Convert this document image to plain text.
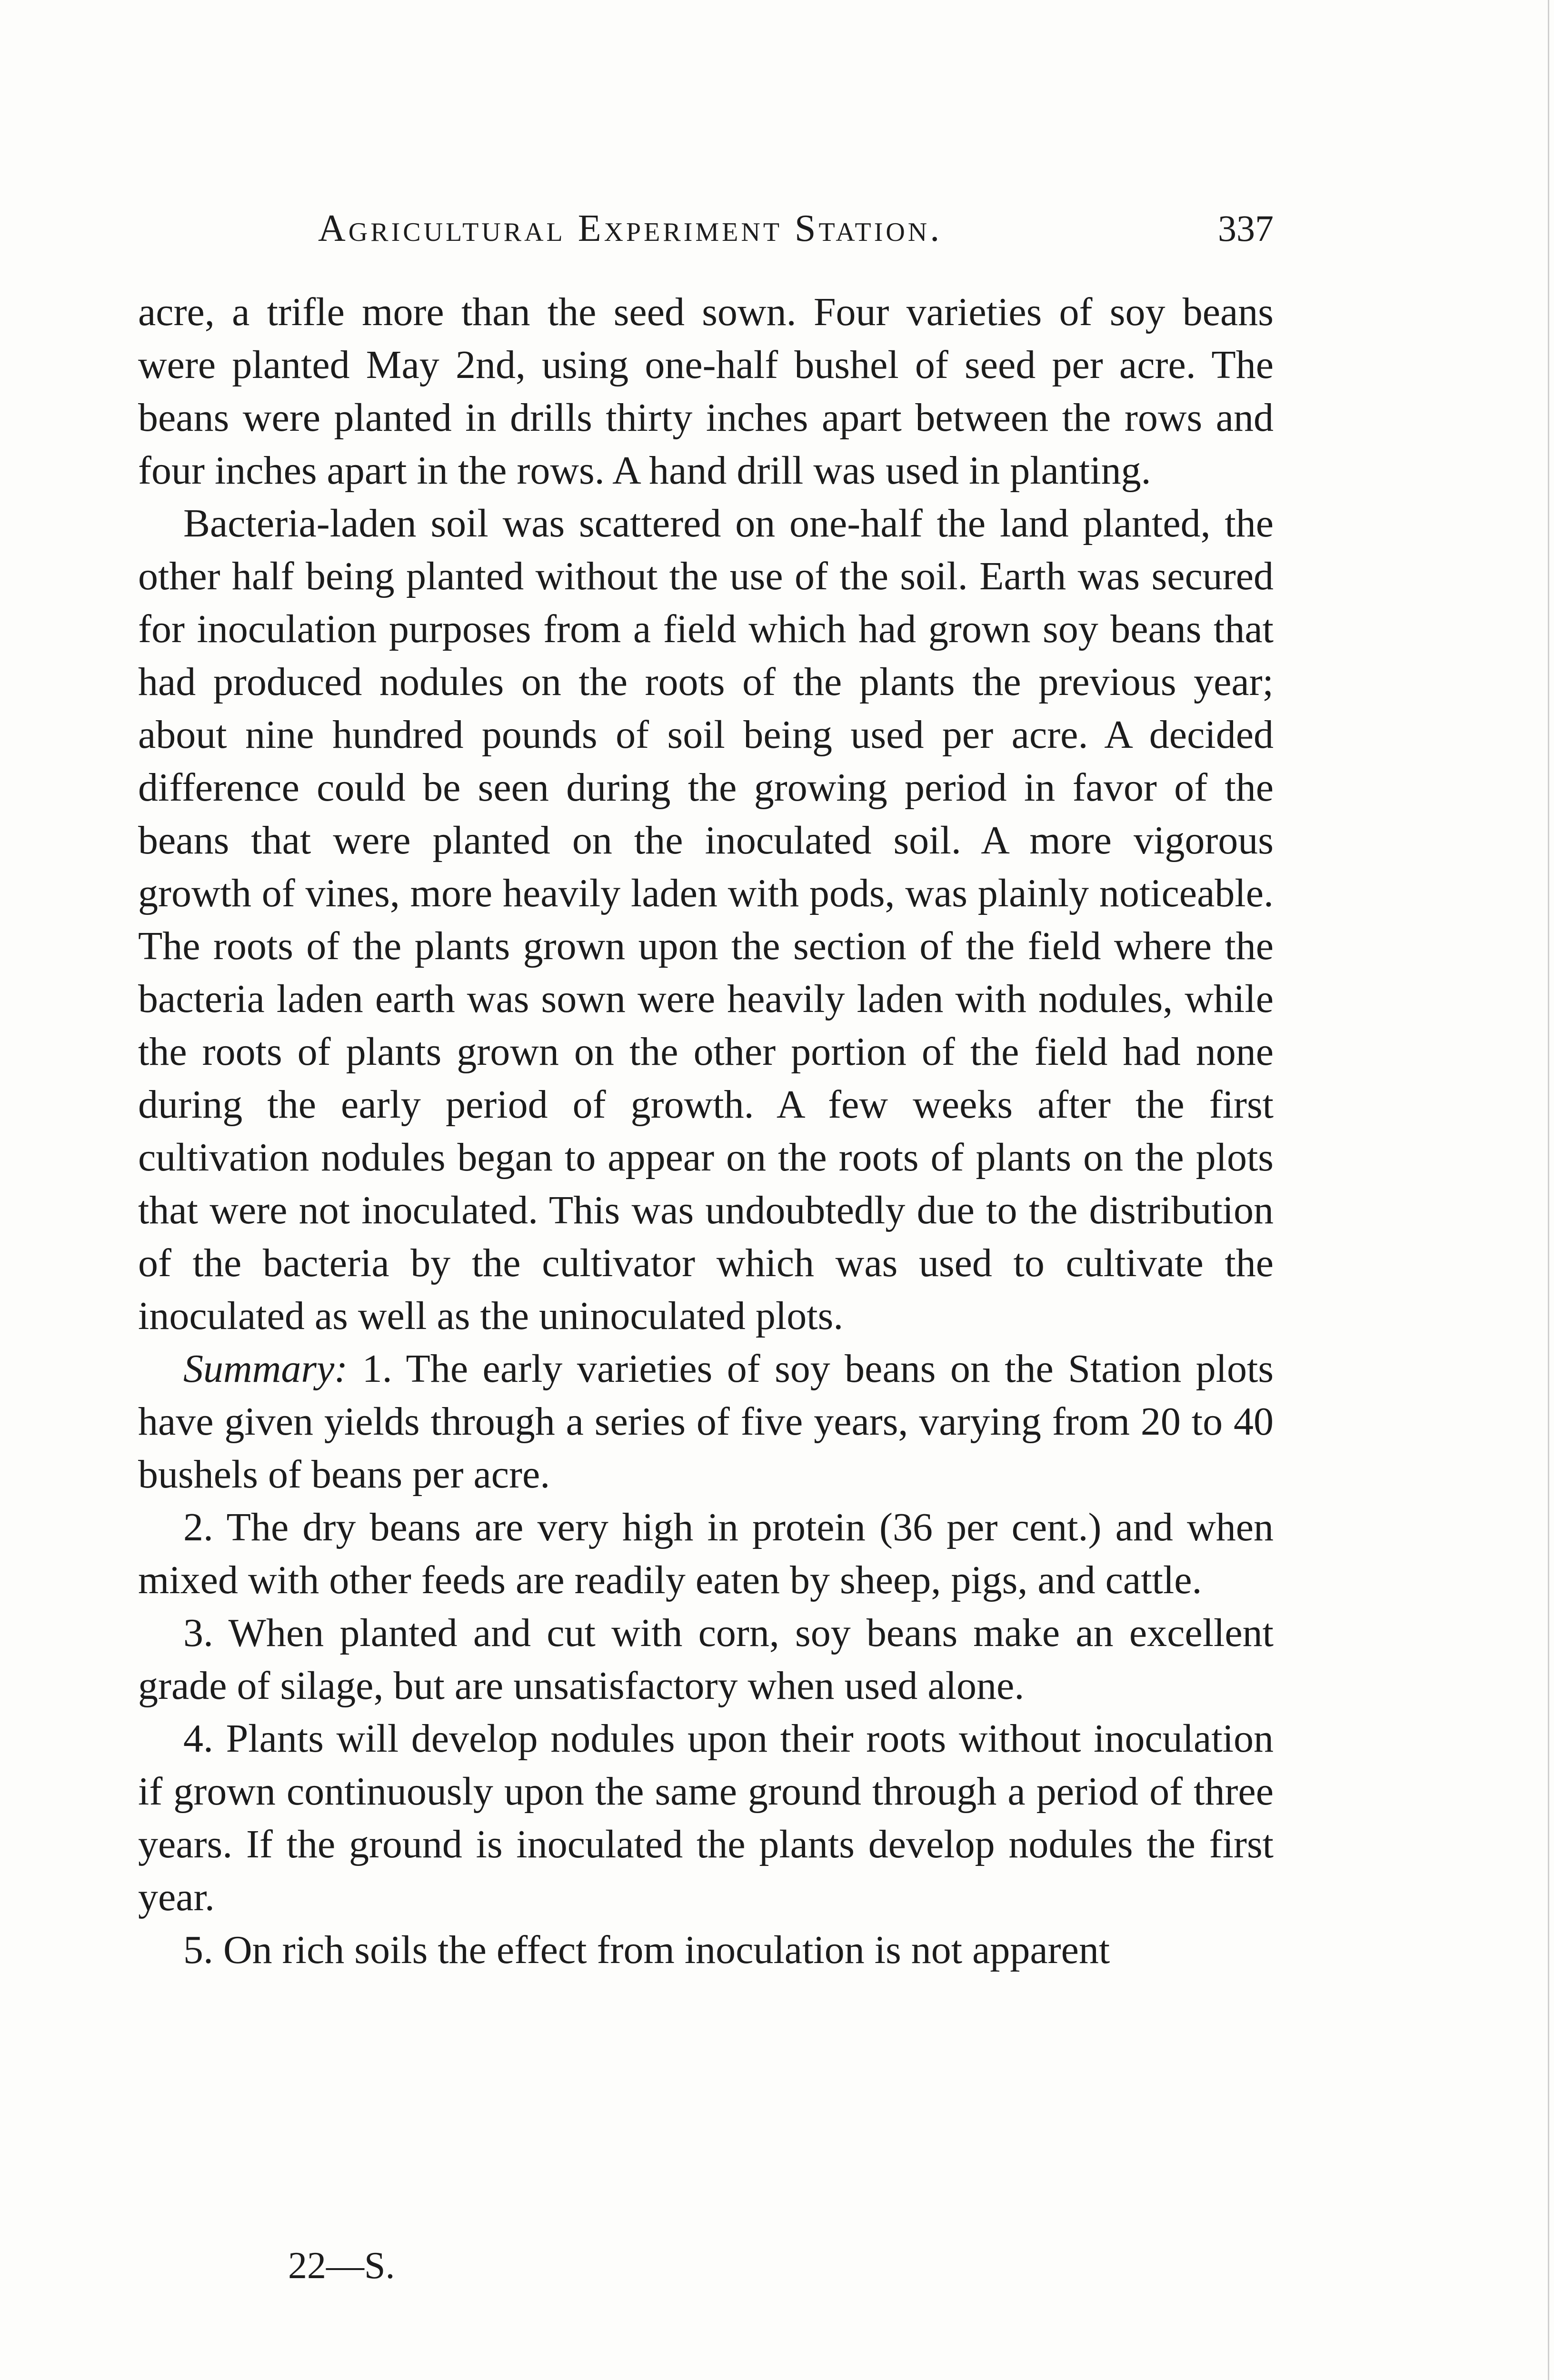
Agricultural Experiment Station.	337

acre, a trifle more than the seed sown. Four varieties of soy beans were planted May 2nd, using one-half bushel of seed per acre. The beans were planted in drills thirty inches apart between the rows and four inches apart in the rows. A hand drill was used in planting.

Bacteria-laden soil was scattered on one-half the land planted, the other half being planted without the use of the soil. Earth was secured for inoculation purposes from a field which had grown soy beans that had produced nodules on the roots of the plants the previous year; about nine hundred pounds of soil being used per acre. A decided difference could be seen during the growing period in favor of the beans that were planted on the inoculated soil. A more vigorous growth of vines, more heavily laden with pods, was plainly noticeable. The roots of the plants grown upon the section of the field where the bacteria laden earth was sown were heavily laden with nodules, while the roots of plants grown on the other portion of the field had none during the early period of growth. A few weeks after the first cultivation nodules began to appear on the roots of plants on the plots that were not inoculated. This was undoubtedly due to the distribution of the bacteria by the cultivator which was used to cultivate the inoculated as well as the uninoculated plots.

Summary: 1. The early varieties of soy beans on the Station plots have given yields through a series of five years, varying from 20 to 40 bushels of beans per acre.

2. The dry beans are very high in protein (36 per cent.) and when mixed with other feeds are readily eaten by sheep, pigs, and cattle.

3. When planted and cut with corn, soy beans make an excellent grade of silage, but are unsatisfactory when used alone.

4. Plants will develop nodules upon their roots without inoculation if grown continuously upon the same ground through a period of three years. If the ground is inoculated the plants develop nodules the first year.

5. On rich soils the effect from inoculation is not apparent

22—S.
